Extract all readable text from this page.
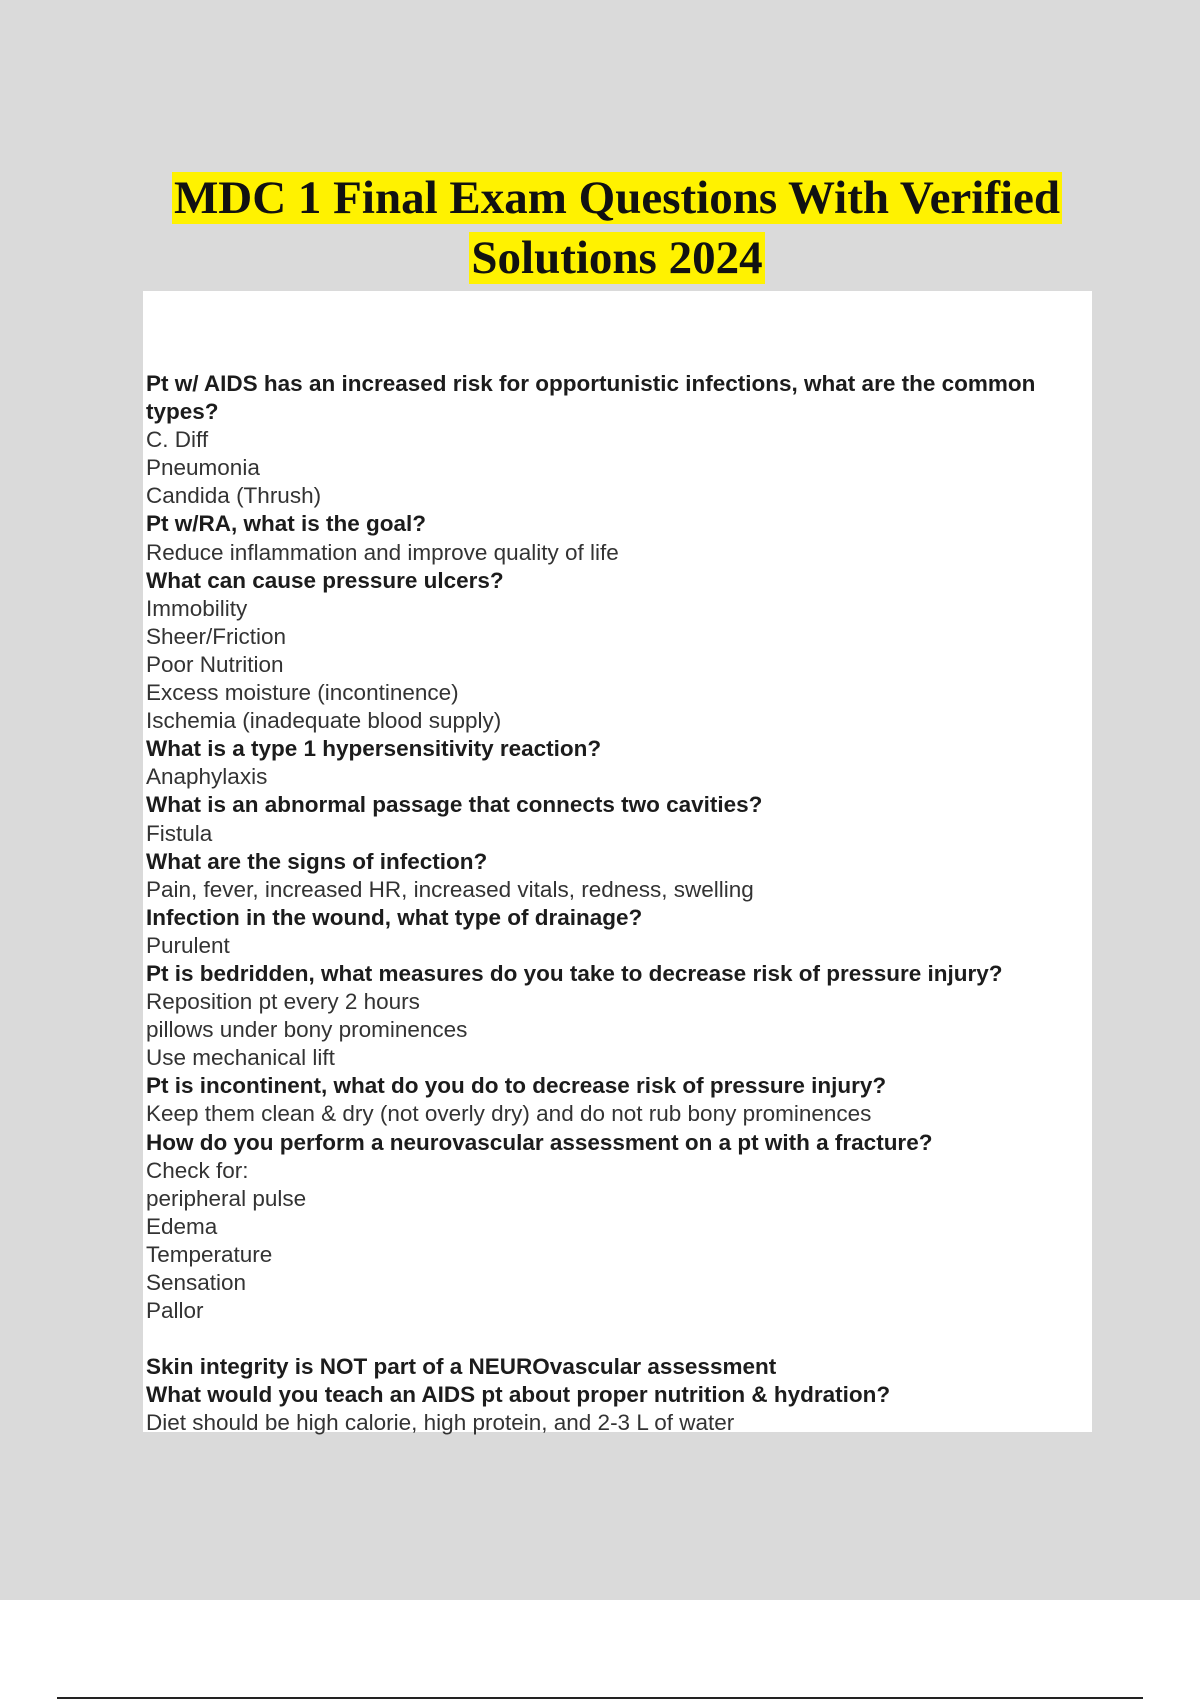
MDC 1 Final Exam Questions With Verified
Solutions 2024
Pt w/ AIDS has an increased risk for opportunistic infections, what are the common types?
C. Diff
Pneumonia
Candida (Thrush)
Pt w/RA, what is the goal?
Reduce inflammation and improve quality of life
What can cause pressure ulcers?
Immobility
Sheer/Friction
Poor Nutrition
Excess moisture (incontinence)
Ischemia (inadequate blood supply)
What is a type 1 hypersensitivity reaction?
Anaphylaxis
What is an abnormal passage that connects two cavities?
Fistula
What are the signs of infection?
Pain, fever, increased HR, increased vitals, redness, swelling
Infection in the wound, what type of drainage?
Purulent
Pt is bedridden, what measures do you take to decrease risk of pressure injury?
Reposition pt every 2 hours
pillows under bony prominences
Use mechanical lift
Pt is incontinent, what do you do to decrease risk of pressure injury?
Keep them clean & dry (not overly dry) and do not rub bony prominences
How do you perform a neurovascular assessment on a pt with a fracture?
Check for:
peripheral pulse
Edema
Temperature
Sensation
Pallor
Skin integrity is NOT part of a NEUROvascular assessment
What would you teach an AIDS pt about proper nutrition & hydration?
Diet should be high calorie, high protein, and 2-3 L of water
